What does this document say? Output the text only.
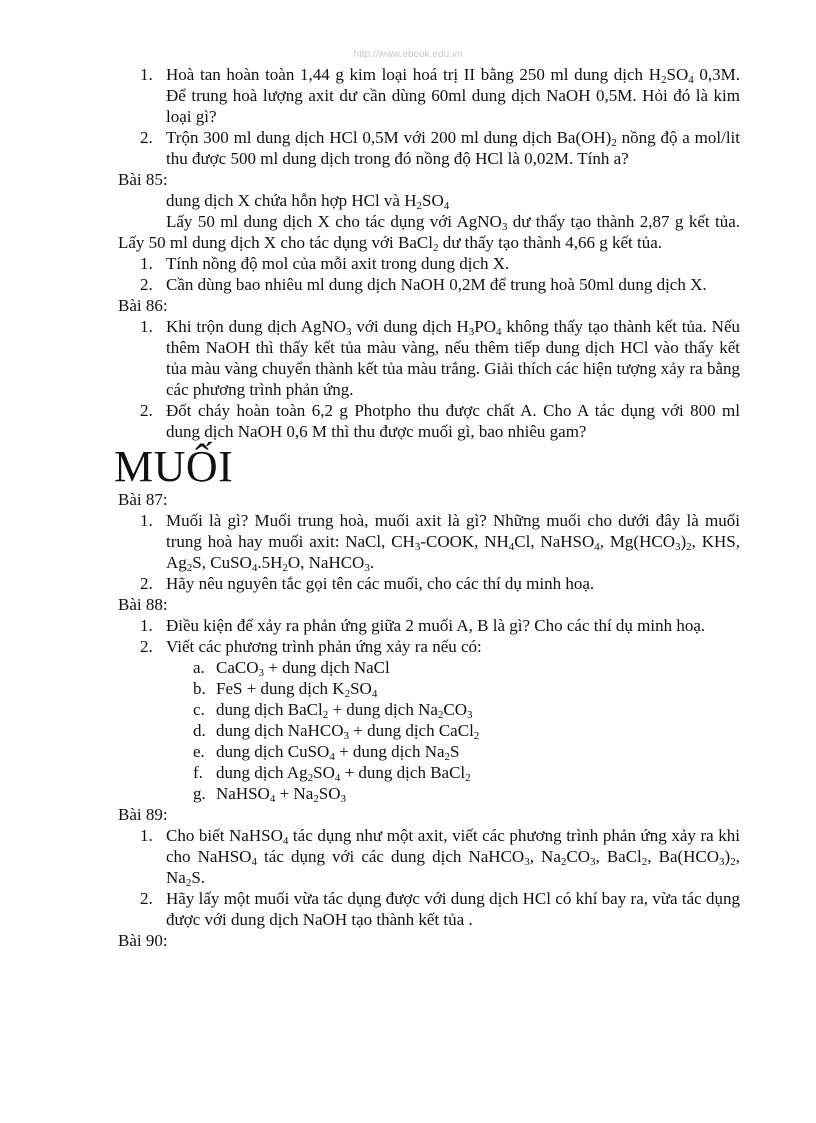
http://www.ebook.edu.vn
1. Hoà tan hoàn toàn 1,44 g kim loại hoá trị II bằng 250 ml dung dịch $H_2SO_4$ 0,3M. Để trung hoà lượng axit dư cần dùng 60ml dung dịch NaOH 0,5M. Hỏi đó là kim loại gì?
2. Trộn 300 ml dung dịch HCl 0,5M với 200 ml dung dịch $Ba(OH)_2$ nồng độ a mol/lit thu được 500 ml dung dịch trong đó nồng độ HCl là 0,02M. Tính a?
Bài 85:
dung dịch X chứa hỗn hợp HCl và $H_2SO_4$
Lấy 50 ml dung dịch X cho tác dụng với AgNO$_3$ dư thấy tạo thành 2,87 g kết tủa. Lấy 50 ml dung dịch X cho tác dụng với BaCl$_2$ dư thấy tạo thành 4,66 g kết tủa.
1. Tính nồng độ mol của mỗi axit trong dung dịch X.
2. Cần dùng bao nhiêu ml dung dịch NaOH 0,2M để trung hoà 50ml dung dịch X.
Bài 86:
1. Khi trộn dung dịch AgNO$_3$ với dung dịch $H_3PO_4$ không thấy tạo thành kết tủa. Nếu thêm NaOH thì thấy kết tủa màu vàng, nếu thêm tiếp dung dịch HCl vào thấy kết tủa màu vàng chuyển thành kết tủa màu trắng. Giải thích các hiện tượng xảy ra bằng các phương trình phản ứng.
2. Đốt cháy hoàn toàn 6,2 g Photpho thu được chất A. Cho A tác dụng với 800 ml dung dịch NaOH 0,6 M thì thu được muối gì, bao nhiêu gam?
MUỐI
Bài 87:
1. Muối là gì? Muối trung hoà, muối axit là gì? Những muối cho dưới đây là muối trung hoà hay muối axit: NaCl, $CH_3$-COOK, $NH_4Cl$, NaHSO$_4$, $Mg(HCO_3)_2$, KHS, $Ag_2S$, $CuSO_4.5H_2O$, NaHCO$_3$.
2. Hãy nêu nguyên tắc gọi tên các muối, cho các thí dụ minh hoạ.
Bài 88:
1. Điều kiện để xảy ra phản ứng giữa 2 muối A, B là gì? Cho các thí dụ minh hoạ.
2. Viết các phương trình phản ứng xảy ra nếu có:
a. CaCO$_3$ + dung dịch NaCl
b. FeS + dung dịch $K_2SO_4$
c. dung dịch BaCl$_2$ + dung dịch $Na_2CO_3$
d. dung dịch NaHCO$_3$ + dung dịch CaCl$_2$
e. dung dịch CuSO$_4$ + dung dịch $Na_2S$
f. dung dịch $Ag_2SO_4$ + dung dịch BaCl$_2$
g. NaHSO$_4$ + $Na_2SO_3$
Bài 89:
1. Cho biết NaHSO$_4$ tác dụng như một axit, viết các phương trình phản ứng xảy ra khi cho NaHSO$_4$ tác dụng với các dung dịch NaHCO$_3$, $Na_2CO_3$, BaCl$_2$, $Ba(HCO_3)_2$, $Na_2S$.
2. Hãy lấy một muối vừa tác dụng được với dung dịch HCl có khí bay ra, vừa tác dụng được với dung dịch NaOH tạo thành kết tủa .
Bài 90:
